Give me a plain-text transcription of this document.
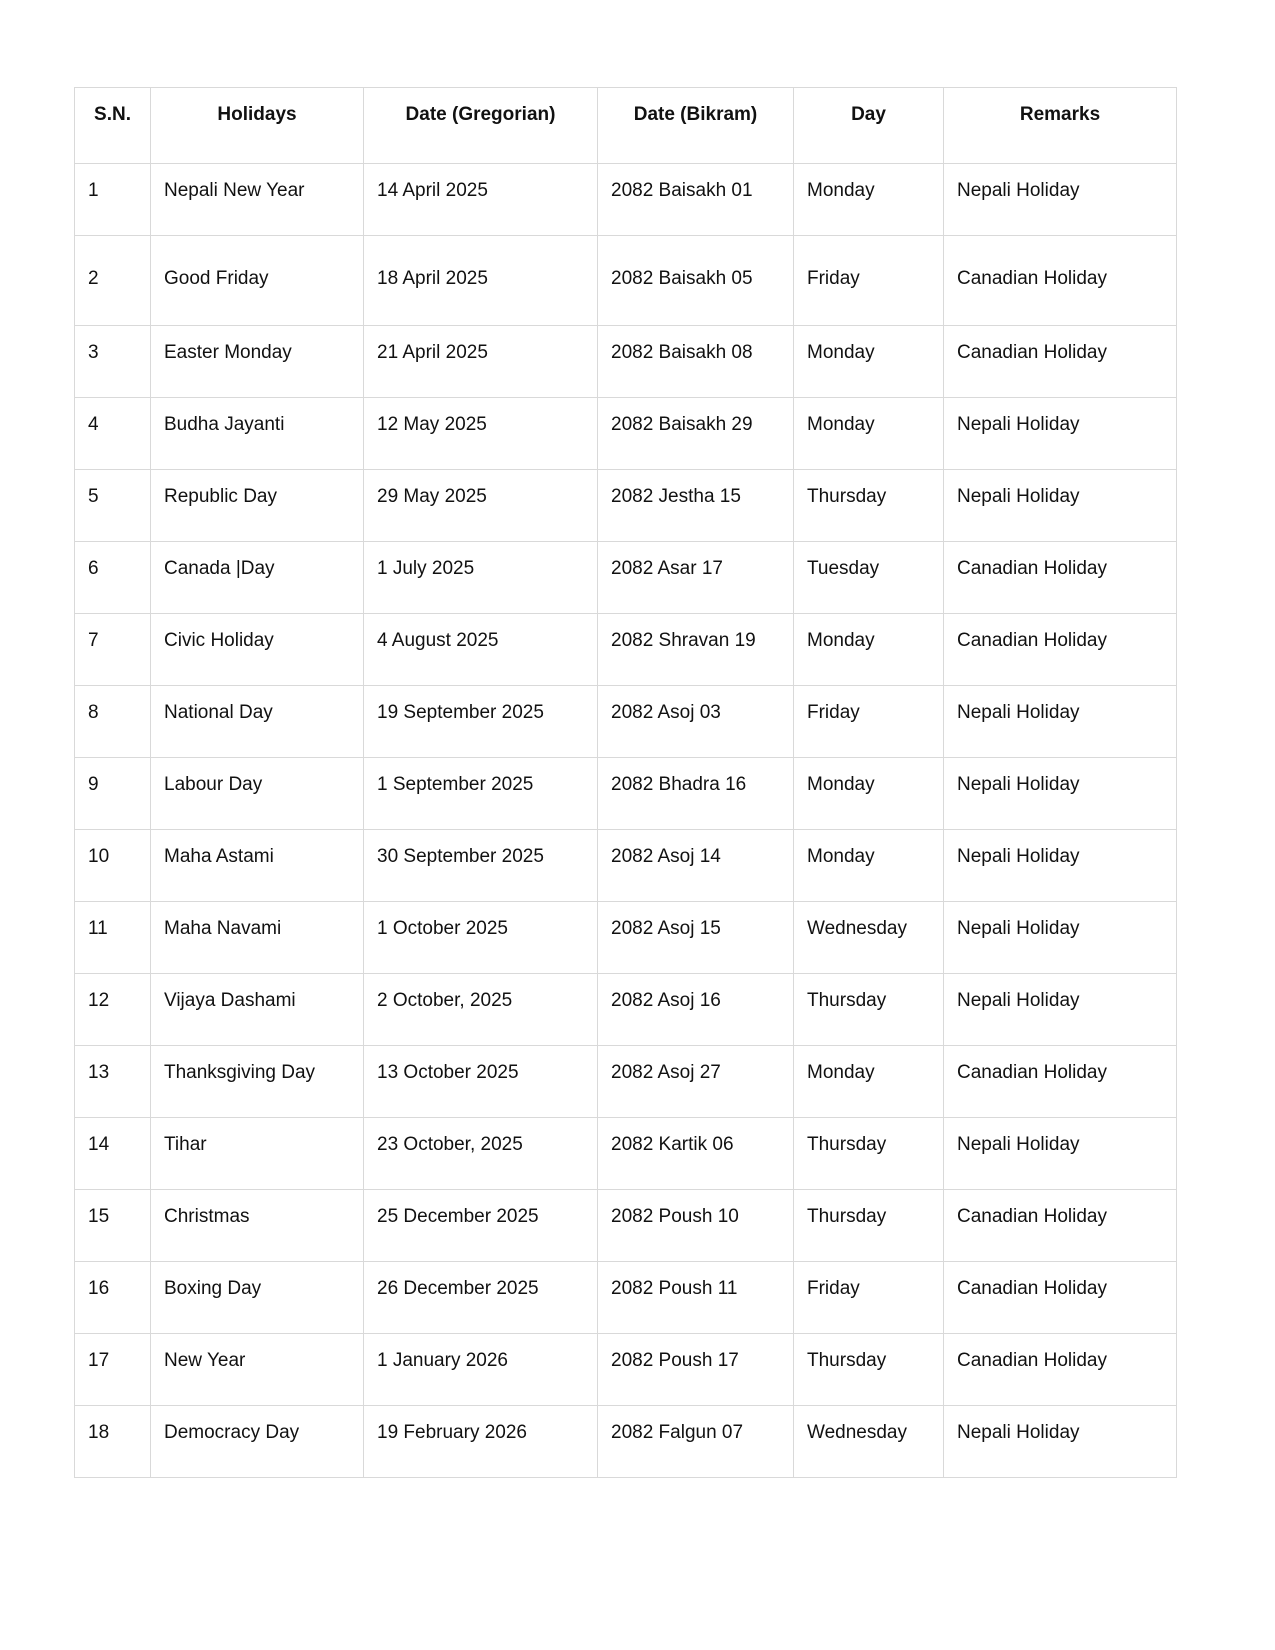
S.N.	Holidays	Date (Gregorian)	Date (Bikram)	Day	Remarks
1	Nepali New Year	14 April 2025	2082 Baisakh 01	Monday	Nepali Holiday
2	Good Friday	18 April 2025	2082 Baisakh 05	Friday	Canadian Holiday
3	Easter Monday	21 April 2025	2082 Baisakh 08	Monday	Canadian Holiday
4	Budha Jayanti	12 May 2025	2082 Baisakh 29	Monday	Nepali Holiday
5	Republic Day	29 May 2025	2082 Jestha 15	Thursday	Nepali Holiday
6	Canada |Day	1 July 2025	2082 Asar 17	Tuesday	Canadian Holiday
7	Civic Holiday	4 August 2025	2082 Shravan 19	Monday	Canadian Holiday
8	National Day	19 September 2025	2082 Asoj 03	Friday	Nepali Holiday
9	Labour Day	1 September 2025	2082 Bhadra 16	Monday	Nepali Holiday
10	Maha Astami	30 September 2025	2082 Asoj 14	Monday	Nepali Holiday
11	Maha Navami	1 October 2025	2082 Asoj 15	Wednesday	Nepali Holiday
12	Vijaya Dashami	2 October, 2025	2082 Asoj 16	Thursday	Nepali Holiday
13	Thanksgiving Day	13 October 2025	2082 Asoj 27	Monday	Canadian Holiday
14	Tihar	23 October, 2025	2082 Kartik 06	Thursday	Nepali Holiday
15	Christmas	25 December 2025	2082 Poush 10	Thursday	Canadian Holiday
16	Boxing Day	26 December 2025	2082 Poush 11	Friday	Canadian Holiday
17	New Year	1 January 2026	2082 Poush 17	Thursday	Canadian Holiday
18	Democracy Day	19 February 2026	2082 Falgun 07	Wednesday	Nepali Holiday
